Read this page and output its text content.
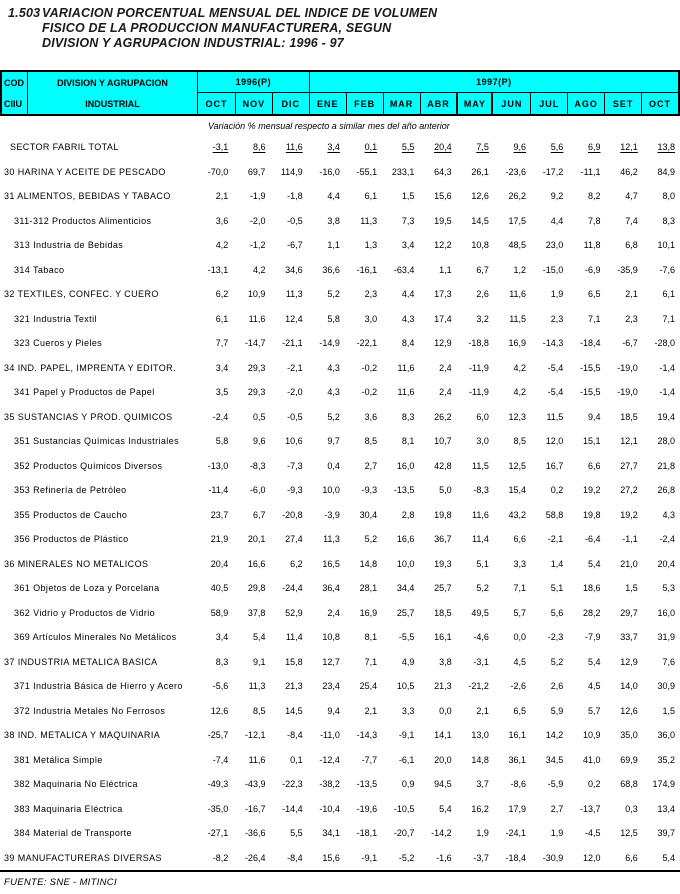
1.503 VARIACION PORCENTUAL MENSUAL DEL INDICE DE VOLUMEN
FISICO DE LA PRODUCCION MANUFACTURERA, SEGUN
DIVISION Y AGRUPACION INDUSTRIAL: 1996 - 97
COD
CIIU
DIVISION Y AGRUPACION
INDUSTRIAL
1996(P)	1997(P)
OCT	NOV	DIC	ENE	FEB	MAR	ABR	MAY	JUN	JUL	AGO	SET	OCT
Variación % mensual respecto a similar mes del año anterior
SECTOR FABRIL TOTAL	-3,1	8,6	11,6	3,4	0,1	5,5	20,4	7,5	9,6	5,6	6,9	12,1	13,8
30 HARINA Y ACEITE DE PESCADO	-70,0	69,7	114,9	-16,0	-55,1	233,1	64,3	26,1	-23,6	-17,2	-11,1	46,2	84,9
31 ALIMENTOS, BEBIDAS Y TABACO	2,1	-1,9	-1,8	4,4	6,1	1,5	15,6	12,6	26,2	9,2	8,2	4,7	8,0
311-312 Productos Alimenticios	3,6	-2,0	-0,5	3,8	11,3	7,3	19,5	14,5	17,5	4,4	7,8	7,4	8,3
313 Industria de Bebidas	4,2	-1,2	-6,7	1,1	1,3	3,4	12,2	10,8	48,5	23,0	11,8	6,8	10,1
314 Tabaco	-13,1	4,2	34,6	36,6	-16,1	-63,4	1,1	6,7	1,2	-15,0	-6,9	-35,9	-7,6
32 TEXTILES, CONFEC. Y CUERO	6,2	10,9	11,3	5,2	2,3	4,4	17,3	2,6	11,6	1,9	6,5	2,1	6,1
321 Industria Textil	6,1	11,6	12,4	5,8	3,0	4,3	17,4	3,2	11,5	2,3	7,1	2,3	7,1
323 Cueros y Pieles	7,7	-14,7	-21,1	-14,9	-22,1	8,4	12,9	-18,8	16,9	-14,3	-18,4	-6,7	-28,0
34 IND. PAPEL, IMPRENTA Y EDITOR.	3,4	29,3	-2,1	4,3	-0,2	11,6	2,4	-11,9	4,2	-5,4	-15,5	-19,0	-1,4
341 Papel y Productos de Papel	3,5	29,3	-2,0	4,3	-0,2	11,6	2,4	-11,9	4,2	-5,4	-15,5	-19,0	-1,4
35 SUSTANCIAS Y PROD. QUIMICOS	-2,4	0,5	-0,5	5,2	3,6	8,3	26,2	6,0	12,3	11,5	9,4	18,5	19,4
351 Sustancias Químicas Industriales	5,8	9,6	10,6	9,7	8,5	8,1	10,7	3,0	8,5	12,0	15,1	12,1	28,0
352 Productos Químicos Diversos	-13,0	-8,3	-7,3	0,4	2,7	16,0	42,8	11,5	12,5	16,7	6,6	27,7	21,8
353 Refinería de Petróleo	-11,4	-6,0	-9,3	10,0	-9,3	-13,5	5,0	-8,3	15,4	0,2	19,2	27,2	26,8
355 Productos de Caucho	23,7	6,7	-20,8	-3,9	30,4	2,8	19,8	11,6	43,2	58,8	19,8	19,2	4,3
356 Productos de Plástico	21,9	20,1	27,4	11,3	5,2	16,6	36,7	11,4	6,6	-2,1	-6,4	-1,1	-2,4
36 MINERALES NO METALICOS	20,4	16,6	6,2	16,5	14,8	10,0	19,3	5,1	3,3	1,4	5,4	21,0	20,4
361 Objetos de Loza y Porcelana	40,5	29,8	-24,4	36,4	28,1	34,4	25,7	5,2	7,1	5,1	18,6	1,5	5,3
362 Vidrio y Productos de Vidrio	58,9	37,8	52,9	2,4	16,9	25,7	18,5	49,5	5,7	5,6	28,2	29,7	16,0
369 Artículos Minerales No Metálicos	3,4	5,4	11,4	10,8	8,1	-5,5	16,1	-4,6	0,0	-2,3	-7,9	33,7	31,9
37 INDUSTRIA METALICA BASICA	8,3	9,1	15,8	12,7	7,1	4,9	3,8	-3,1	4,5	5,2	5,4	12,9	7,6
371 Industria Básica de Hierro y Acero	-5,6	11,3	21,3	23,4	25,4	10,5	21,3	-21,2	-2,6	2,6	4,5	14,0	30,9
372 Industria Metales No Ferrosos	12,6	8,5	14,5	9,4	2,1	3,3	0,0	2,1	6,5	5,9	5,7	12,6	1,5
38 IND. METALICA Y MAQUINARIA	-25,7	-12,1	-8,4	-11,0	-14,3	-9,1	14,1	13,0	16,1	14,2	10,9	35,0	36,0
381 Metálica Simple	-7,4	11,6	0,1	-12,4	-7,7	-6,1	20,0	14,8	36,1	34,5	41,0	69,9	35,2
382 Maquinaria No Eléctrica	-49,3	-43,9	-22,3	-38,2	-13,5	0,9	94,5	3,7	-8,6	-5,9	0,2	68,8	174,9
383 Maquinaria Eléctrica	-35,0	-16,7	-14,4	-10,4	-19,6	-10,5	5,4	16,2	17,9	2,7	-13,7	0,3	13,4
384 Material de Transporte	-27,1	-36,6	5,5	34,1	-18,1	-20,7	-14,2	1,9	-24,1	1,9	-4,5	12,5	39,7
39 MANUFACTURERAS DIVERSAS	-8,2	-26,4	-8,4	15,6	-9,1	-5,2	-1,6	-3,7	-18,4	-30,9	12,0	6,6	5,4
FUENTE: SNE - MITINCI
